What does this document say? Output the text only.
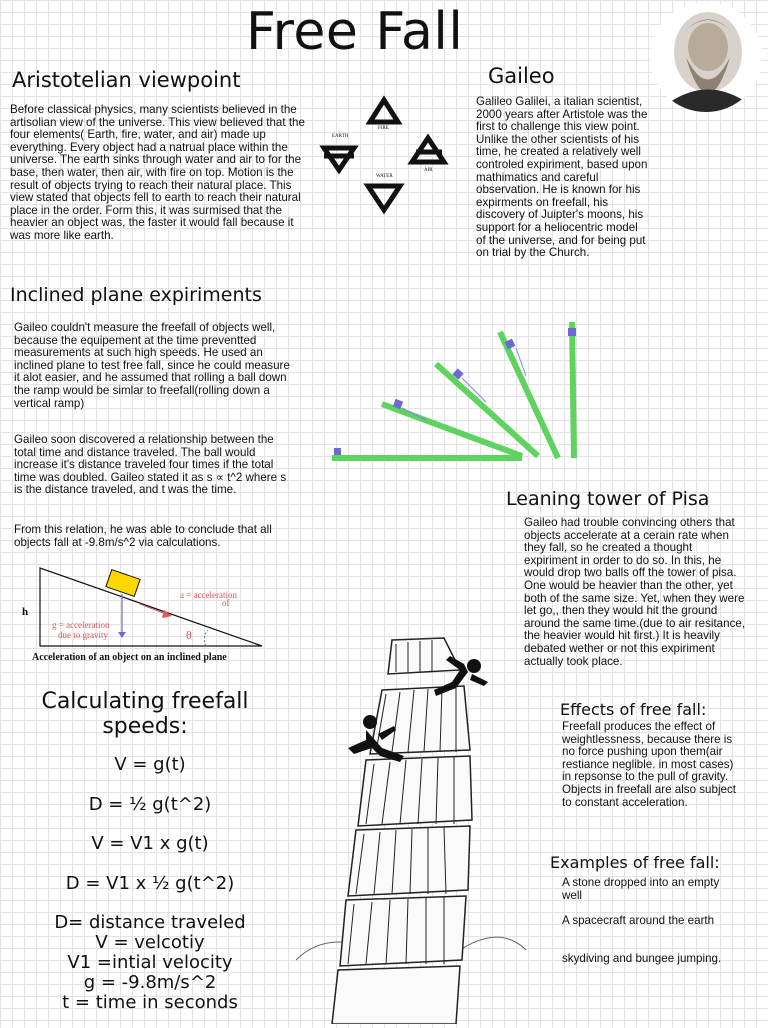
Free Fall
Aristotelian viewpoint
Before classical physics, many scientists believed in the artisolian view of the universe. This view believed that the four elements( Earth, fire, water, and air) made up everything. Every object had a natrual place within the universe. The earth sinks through water and air to for the base, then water, then air, with fire on top. Motion is the result of objects trying to reach their natural place. This view stated that objects fell to earth to reach their natural place in the order. Form this, it was surmised that the heavier an object was, the faster it would fall because it was more like earth.
FIRE
EARTH
AIR
WATER
Gaileo
Galileo Galilei, a italian scientist, 2000 years after Artistole was the first to challenge this view point. Unlike the other scientists of his time, he created a relatively well controled expiriment, based upon mathimatics and careful observation. He is known for his expirments on freefall, his discovery of Juipter's moons, his support for a heliocentric model of the universe, and for being put on trial by the Church.
Inclined plane expiriments
Gaileo couldn't measure the freefall of objects well, because the equipement at the time preventted measurements at such high speeds. He used an inclined plane to test free fall, since he could measure it alot easier, and he assumed that rolling a ball down the ramp would be simlar to freefall(rolling down a vertical ramp)
Gaileo soon discovered a relationship between the total time and distance traveled. The ball would increase it's distance traveled four times if the total time was doubled. Gaileo stated it as s ∝ t^2 where s is the distance traveled, and t was the time.
From this relation, he was able to conclude that all objects fall at -9.8m/s^2 via calculations.
h
a = acceleration
of
g = acceleration
due to gravity	θ
Acceleration of an object on an inclined plane
Leaning tower of Pisa
Gaileo had trouble convincing others that objects accelerate at a cerain rate when they fall, so he created a thought expiriment in order to do so. In this, he would drop two balls off the tower of pisa. One would be heavier than the other, yet both of the same size. Yet, when they were let go,, then they would hit the ground around the same time.(due to air resitance, the heavier would hit first.) It is heavily debated wether or not this expiriment actually took place.
Calculating freefall speeds:
V = g(t)
D = ½ g(t^2)
V = V1 x g(t)
D = V1 x ½ g(t^2)
D= distance traveled
V = velcotiy
V1 =intial velocity
g = -9.8m/s^2
t = time in seconds
Effects of free fall:
Freefall produces the effect of weightlessness, because there is no force pushing upon them(air restiance neglible. in most cases) in repsonse to the pull of gravity. Objects in freefall are also subject to constant acceleration.
Examples of free fall:
A stone dropped into an empty well
A spacecraft around the earth
skydiving and bungee jumping.
